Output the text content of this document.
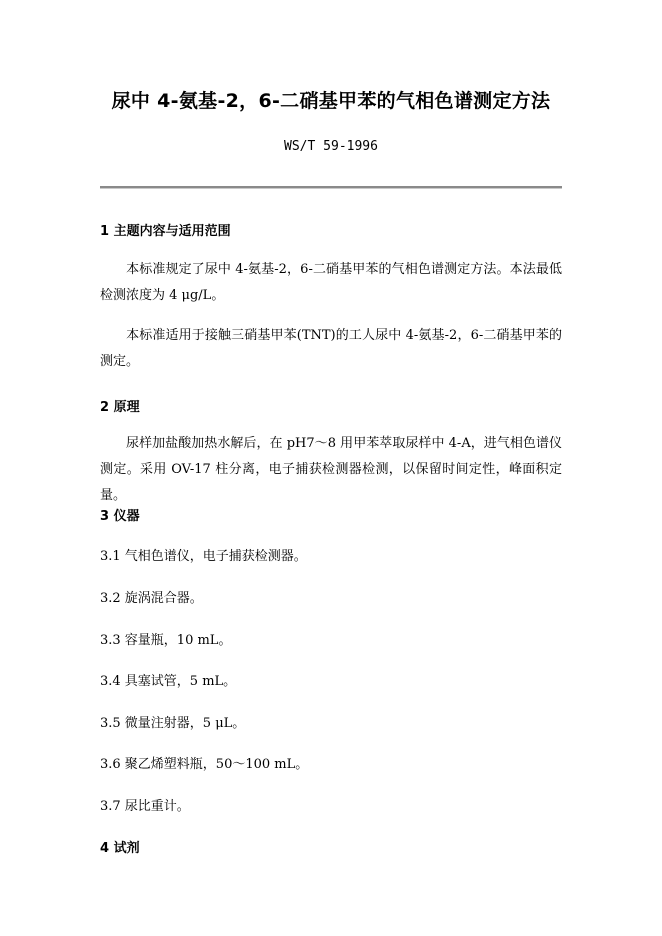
尿中 4-氨基-2，6-二硝基甲苯的气相色谱测定方法
WS/T 59-1996
1 主题内容与适用范围
本标准规定了尿中 4-氨基-2，6-二硝基甲苯的气相色谱测定方法。本法最低检测浓度为 4 μg/L。
本标准适用于接触三硝基甲苯(TNT)的工人尿中 4-氨基-2，6-二硝基甲苯的测定。
2 原理
尿样加盐酸加热水解后，在 pH7～8 用甲苯萃取尿样中 4-A，进气相色谱仪测定。采用 OV-17 柱分离，电子捕获检测器检测，以保留时间定性，峰面积定量。
3 仪器
3.1 气相色谱仪，电子捕获检测器。
3.2 旋涡混合器。
3.3 容量瓶，10 mL。
3.4 具塞试管，5 mL。
3.5 微量注射器，5 μL。
3.6 聚乙烯塑料瓶，50～100 mL。
3.7 尿比重计。
4 试剂
